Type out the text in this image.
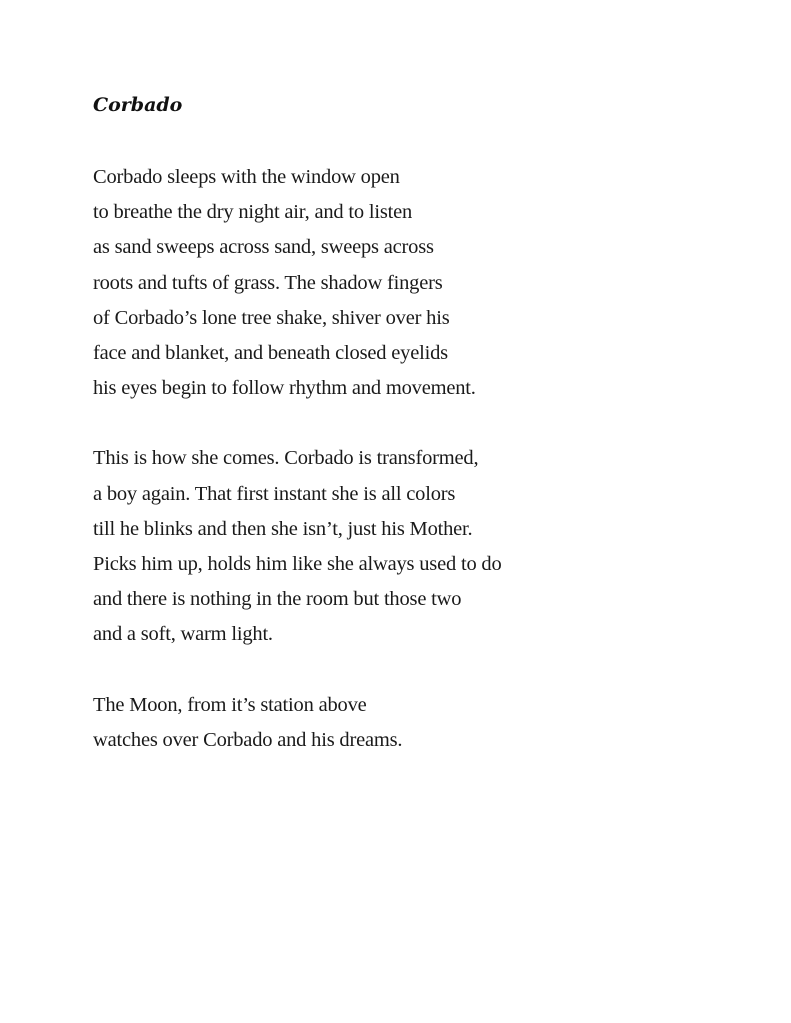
Corbado
Corbado sleeps with the window open
to breathe the dry night air, and to listen
as sand sweeps across sand, sweeps across
roots and tufts of grass. The shadow fingers
of Corbado’s lone tree shake, shiver over his
face and blanket, and beneath closed eyelids
his eyes begin to follow rhythm and movement.
This is how she comes. Corbado is transformed,
a boy again. That first instant she is all colors
till he blinks and then she isn’t, just his Mother.
Picks him up, holds him like she always used to do
and there is nothing in the room but those two
and a soft, warm light.
The Moon, from it’s station above
watches over Corbado and his dreams.
